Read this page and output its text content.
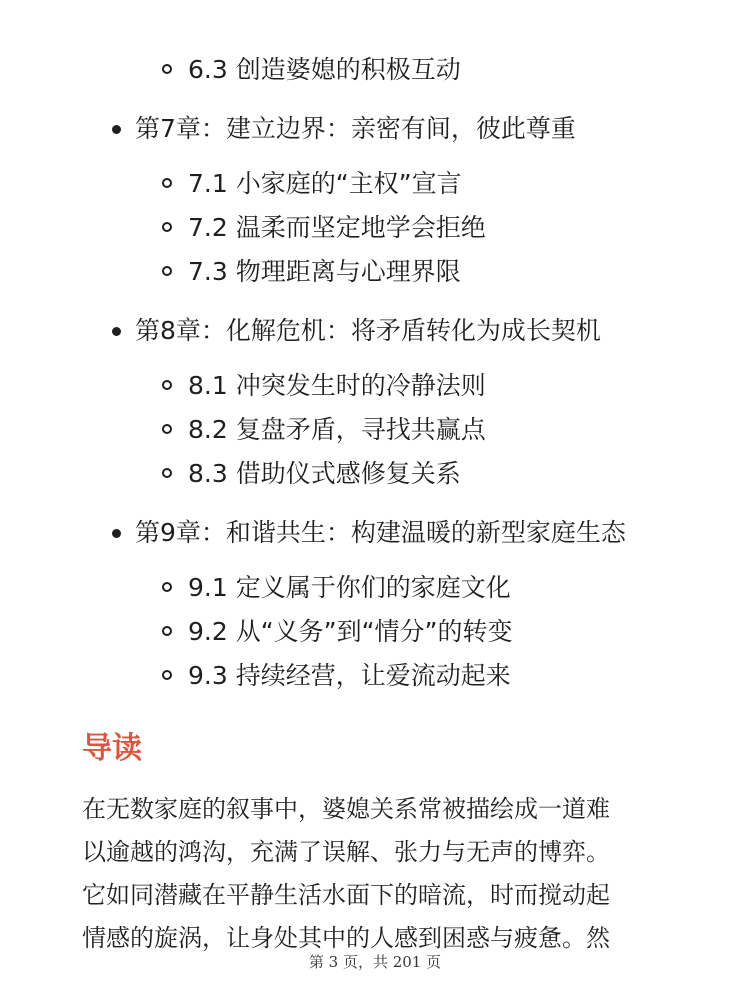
6.3 创造婆媳的积极互动
第7章：建立边界：亲密有间，彼此尊重
7.1 小家庭的“主权”宣言
7.2 温柔而坚定地学会拒绝
7.3 物理距离与心理界限
第8章：化解危机：将矛盾转化为成长契机
8.1 冲突发生时的冷静法则
8.2 复盘矛盾，寻找共赢点
8.3 借助仪式感修复关系
第9章：和谐共生：构建温暖的新型家庭生态
9.1 定义属于你们的家庭文化
9.2 从“义务”到“情分”的转变
9.3 持续经营，让爱流动起来
导读
在无数家庭的叙事中，婆媳关系常被描绘成一道难
以逾越的鸿沟，充满了误解、张力与无声的博弈。
它如同潜藏在平静生活水面下的暗流，时而搅动起
情感的旋涡，让身处其中的人感到困惑与疲惫。然
第 3 页，共 201 页
